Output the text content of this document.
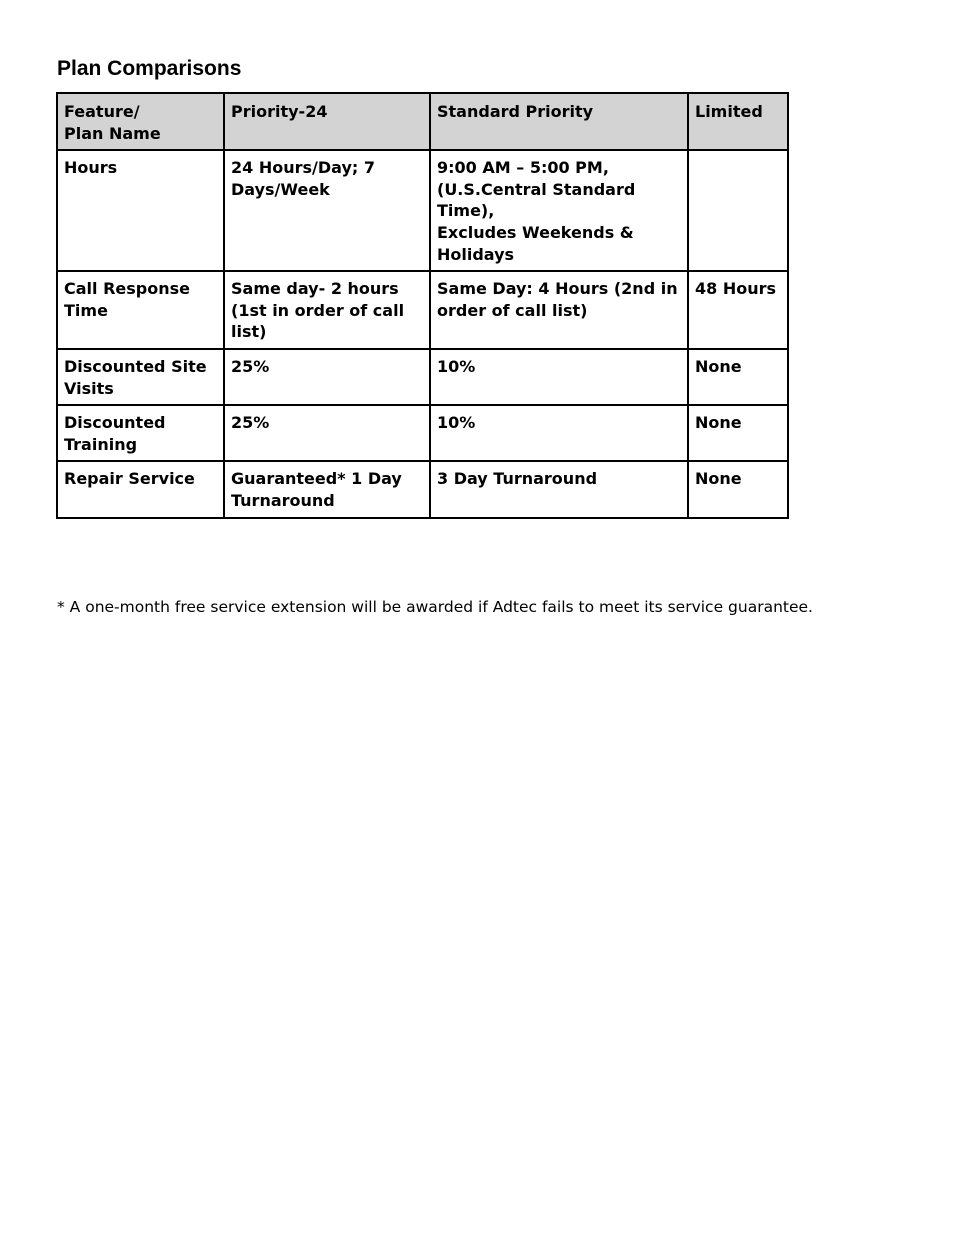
Plan Comparisons
Feature/
Plan Name	Priority-24	Standard Priority	Limited
Hours	24 Hours/Day; 7 Days/Week	9:00 AM – 5:00 PM, (U.S.Central Standard Time),
Excludes Weekends & Holidays	
Call Response Time	Same day- 2 hours (1st in order of call list)	Same Day: 4 Hours (2nd in order of call list)	48 Hours
Discounted Site Visits	25%	10%	None
Discounted Training	25%	10%	None
Repair Service	Guaranteed* 1 Day Turnaround	3 Day Turnaround	None

* A one-month free service extension will be awarded if Adtec fails to meet its service guarantee.
